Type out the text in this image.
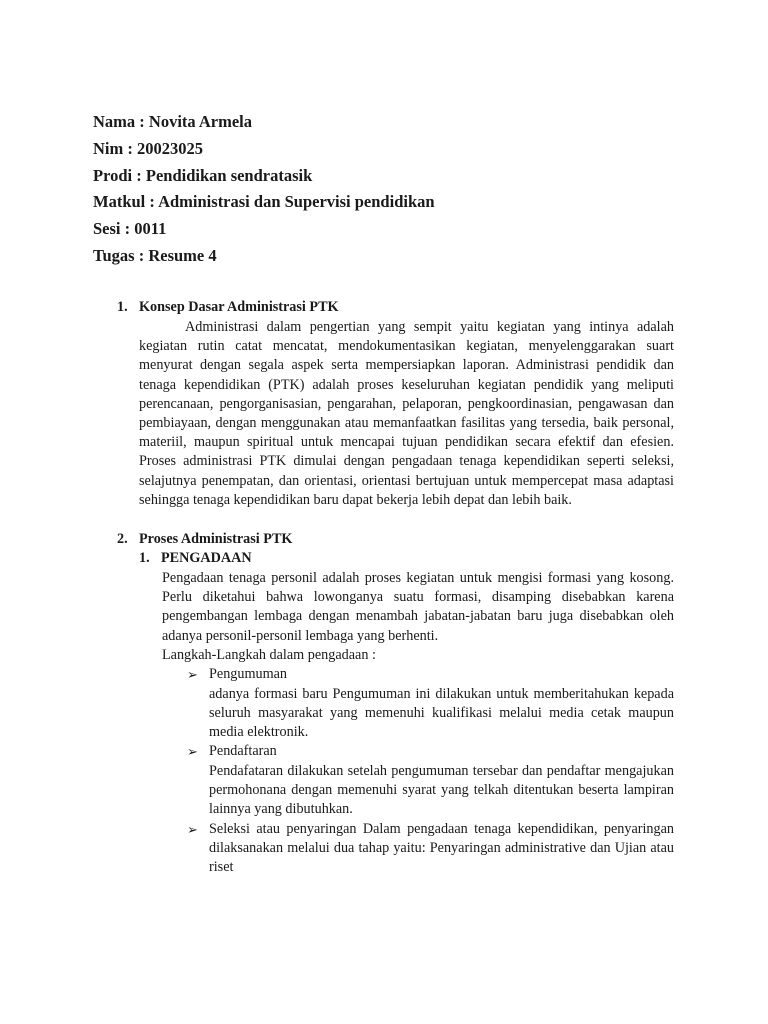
Nama : Novita Armela
Nim : 20023025
Prodi : Pendidikan sendratasik
Matkul : Administrasi dan Supervisi pendidikan
Sesi : 0011
Tugas : Resume 4
1. Konsep Dasar Administrasi PTK
Administrasi dalam pengertian yang sempit yaitu kegiatan yang intinya adalah kegiatan rutin catat mencatat, mendokumentasikan kegiatan, menyelenggarakan suart menyurat dengan segala aspek serta mempersiapkan laporan. Administrasi pendidik dan tenaga kependidikan (PTK) adalah proses keseluruhan kegiatan pendidik yang meliputi perencanaan, pengorganisasian, pengarahan, pelaporan, pengkoordinasian, pengawasan dan pembiayaan, dengan menggunakan atau memanfaatkan fasilitas yang tersedia, baik personal, materiil, maupun spiritual untuk mencapai tujuan pendidikan secara efektif dan efesien. Proses administrasi PTK dimulai dengan pengadaan tenaga kependidikan seperti seleksi, selajutnya penempatan, dan orientasi, orientasi bertujuan untuk mempercepat masa adaptasi sehingga tenaga kependidikan baru dapat bekerja lebih depat dan lebih baik.
2. Proses Administrasi PTK
1. PENGADAAN
Pengadaan tenaga personil adalah proses kegiatan untuk mengisi formasi yang kosong. Perlu diketahui bahwa lowonganya suatu formasi, disamping disebabkan karena pengembangan lembaga dengan menambah jabatan-jabatan baru juga disebabkan oleh adanya personil-personil lembaga yang berhenti.
Langkah-Langkah dalam pengadaan :
➢ Pengumuman
adanya formasi baru Pengumuman ini dilakukan untuk memberitahukan kepada seluruh masyarakat yang memenuhi kualifikasi melalui media cetak maupun media elektronik.
➢ Pendaftaran
Pendafataran dilakukan setelah pengumuman tersebar dan pendaftar mengajukan permohonana dengan memenuhi syarat yang telkah ditentukan beserta lampiran lainnya yang dibutuhkan.
➢ Seleksi atau penyaringan Dalam pengadaan tenaga kependidikan, penyaringan dilaksanakan melalui dua tahap yaitu: Penyaringan administrative dan Ujian atau riset
